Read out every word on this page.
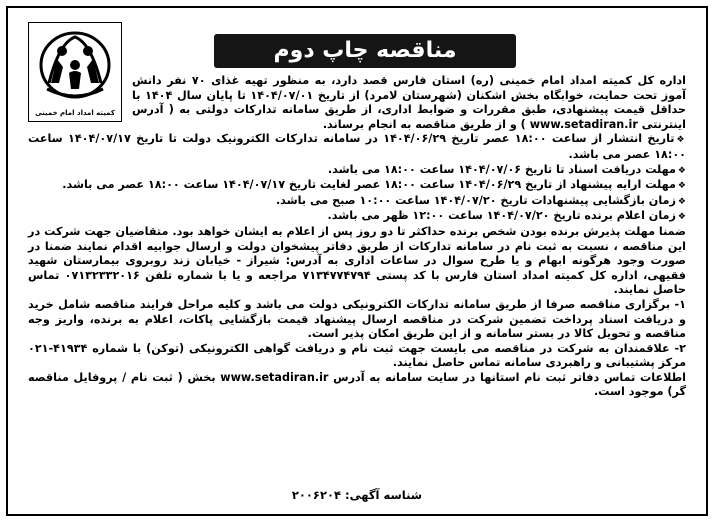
کمیته امداد امام خمینی
مناقصه چاپ دوم

اداره کل کمیته امداد امام خمینی (ره) استان فارس قصد دارد، به منظور تهیه غذای ۷۰ نفر دانش آموز تحت حمایت، خوابگاه بخش اشکنان (شهرستان لامرد) از تاریخ ۱۴۰۴/۰۷/۰۱ تا پایان سال ۱۴۰۴ با حداقل قیمت پیشنهادی، طبق مقررات و ضوابط اداری، از طریق سامانه تدارکات دولتی به ( آدرس اینترنتی www.setadiran.ir ) و از طریق مناقصه به انجام برساند.

❖ تاریخ انتشار از ساعت ۱۸:۰۰ عصر تاریخ ۱۴۰۴/۰۶/۲۹ در سامانه تدارکات الکترونیک دولت تا تاریخ ۱۴۰۴/۰۷/۱۷ ساعت ۱۸:۰۰ عصر می باشد.

❖ مهلت دریافت اسناد تا تاریخ ۱۴۰۴/۰۷/۰۶ ساعت ۱۸:۰۰ می باشد.

❖ مهلت ارایه پیشنهاد از تاریخ ۱۴۰۴/۰۶/۲۹ ساعت ۱۸:۰۰ عصر لغایت تاریخ ۱۴۰۴/۰۷/۱۷ ساعت ۱۸:۰۰ عصر می باشد.

❖ زمان بازگشایی پیشنهادات تاریخ ۱۴۰۴/۰۷/۲۰ ساعت ۱۰:۰۰ صبح می باشد.

❖ زمان اعلام برنده تاریخ ۱۴۰۴/۰۷/۲۰ ساعت ۱۲:۰۰ ظهر می باشد.

ضمنا مهلت پذیرش برنده بودن شخص برنده حداکثر تا دو روز پس از اعلام به ایشان خواهد بود. متقاضیان جهت شرکت در این مناقصه ، نسبت به ثبت نام در سامانه تدارکات از طریق دفاتر پیشخوان دولت و ارسال جوابیه اقدام نمایند ضمنا در صورت وجود هرگونه ابهام و یا طرح سوال در ساعات اداری به آدرس: شیراز - خیابان زند روبروی بیمارستان شهید فقیهی، اداره کل کمیته امداد استان فارس با کد پستی ۷۱۳۴۷۷۴۷۹۴ مراجعه و یا با شماره تلفن ۰۷۱۳۲۳۳۲۰۱۶ تماس حاصل نمایند.

۱- برگزاری مناقصه صرفا از طریق سامانه تدارکات الکترونیکی دولت می باشد و کلیه مراحل فرایند مناقصه شامل خرید و دریافت اسناد پرداخت تضمین شرکت در مناقصه ارسال پیشنهاد قیمت بازگشایی پاکات، اعلام به برنده، واریز وجه مناقصه و تحویل کالا در بستر سامانه و از این طریق امکان پذیر است.

۲- علاقمندان به شرکت در مناقصه می بایست جهت ثبت نام و دریافت گواهی الکترونیکی (توکن) با شماره ۴۱۹۳۴-۰۲۱ مرکز پشتیبانی و راهبردی سامانه تماس حاصل نمایند.

اطلاعات تماس دفاتر ثبت نام استانها در سایت سامانه به آدرس www.setadiran.ir بخش ( ثبت نام / پروفایل مناقصه گر) موجود است.

شناسه آگهی: ۲۰۰۶۲۰۴
